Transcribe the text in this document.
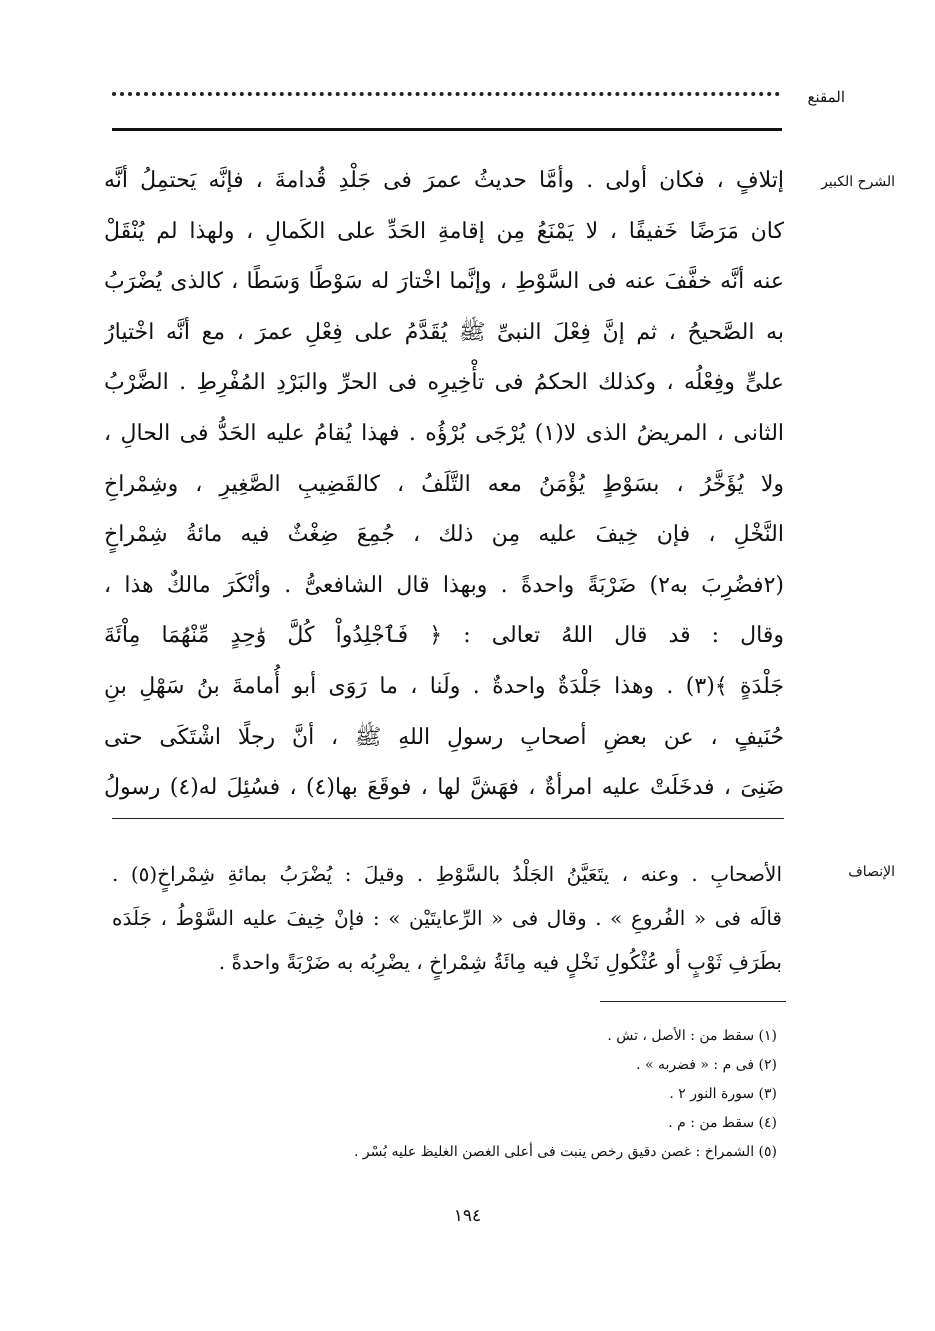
المقنع
الشرح الكبير
إتلافٍ ، فكان أولى . وأمَّا حديثُ عمرَ فى جَلْدِ قُدامةَ ، فإنَّه يَحتمِلُ أنَّه
كان مَرَضًا خَفيفًا ، لا يَمْنَعُ مِن إقامةِ الحَدِّ على الكَمالِ ، ولهذا لم يُنْقَلْ
عنه أنَّه خفَّفَ عنه فى السَّوْطِ ، وإنَّما اخْتارَ له سَوْطًا وَسَطًا ، كالذى يُضْرَبُ
به الصَّحيحُ ، ثم إنَّ فِعْلَ النبىِّ ﷺ يُقَدَّمُ على فِعْلِ عمرَ ، مع أنَّه اخْتيارُ
علىٍّ وفِعْلُه ، وكذلك الحكمُ فى تأْخِيرِه فى الحرِّ والبَرْدِ المُفْرِطِ . الضَّرْبُ
الثانى ، المريضُ الذى لا(١) يُرْجَى بُرْؤُه . فهذا يُقامُ عليه الحَدُّ فى الحالِ ،
ولا يُؤَخَّرُ ، بسَوْطٍ يُؤْمَنُ معه التَّلَفُ ، كالقَضِيبِ الصَّغِيرِ ، وشِمْراخِ
النَّخْلِ ، فإن خِيفَ عليه مِن ذلك ، جُمِعَ ضِغْثٌ فيه مائةُ شِمْراخٍ
(٢فضُرِبَ به٢) ضَرْبَةً واحدةً . وبهذا قال الشافعىُّ . وأنْكَرَ مالكٌ هذا ،
وقال : قد قال اللهُ تعالى : ﴿ فَٱجْلِدُواْ كُلَّ وَٰحِدٍ مِّنْهُمَا مِاْئَةَ
جَلْدَةٍ ﴾(٣) . وهذا جَلْدَةٌ واحدةٌ . ولَنا ، ما رَوَى أبو أُمامةَ بنُ سَهْلِ بنِ
حُنَيفٍ ، عن بعضِ أصحابِ رسولِ اللهِ ﷺ ، أنَّ رجلًا اشْتَكَى حتى
ضَنِىَ ، فدخَلَتْ عليه امرأةٌ ، فهَشَّ لها ، فوقَعَ بها(٤) ، فسُئِلَ له(٤) رسولُ
الإنصاف
الأصحابِ . وعنه ، يتَعَيَّنُ الجَلْدُ بالسَّوْطِ . وقيلَ : يُضْرَبُ بمائةِ شِمْراخٍ(٥) .
قالَه فى « الفُروعِ » . وقال فى « الرِّعايتَيْن » : فإنْ خِيفَ عليه السَّوْطُ ، جَلَدَه
بطَرَفِ ثَوْبٍ أو عُثْكُولِ نَخْلٍ فيه مِائَةُ شِمْراخٍ ، يضْرِبُه به ضَرْبَةً واحدةً .
(١) سقط من : الأصل ، تش .
(٢) فى م : « فضربه » .
(٣) سورة النور ٢ .
(٤) سقط من : م .
(٥) الشمراخ : غصن دقيق رخص ينبت فى أعلى الغصن الغليظ عليه بُسْر .
١٩٤
